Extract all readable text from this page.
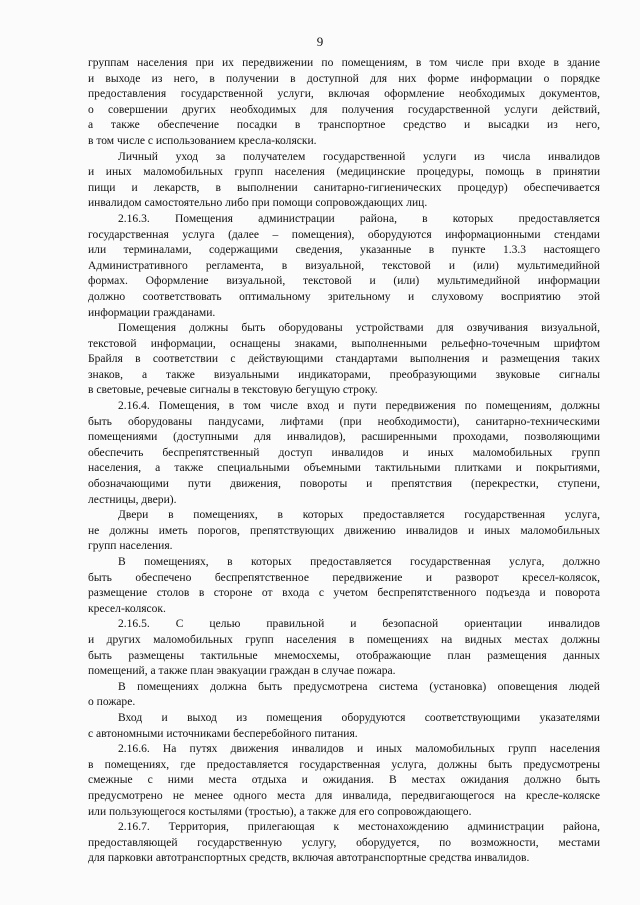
9
группам населения при их передвижении по помещениям, в том числе при входе в здание
и выходе из него, в получении в доступной для них форме информации о порядке
предоставления государственной услуги, включая оформление необходимых документов,
о совершении других необходимых для получения государственной услуги действий,
а также обеспечение посадки в транспортное средство и высадки из него,
в том числе с использованием кресла-коляски.
Личный уход за получателем государственной услуги из числа инвалидов
и иных маломобильных групп населения (медицинские процедуры, помощь в принятии
пищи и лекарств, в выполнении санитарно-гигиенических процедур) обеспечивается
инвалидом самостоятельно либо при помощи сопровождающих лиц.
2.16.3. Помещения администрации района, в которых предоставляется
государственная услуга (далее – помещения), оборудуются информационными стендами
или терминалами, содержащими сведения, указанные в пункте 1.3.3 настоящего
Административного регламента, в визуальной, текстовой и (или) мультимедийной
формах. Оформление визуальной, текстовой и (или) мультимедийной информации
должно соответствовать оптимальному зрительному и слуховому восприятию этой
информации гражданами.
Помещения должны быть оборудованы устройствами для озвучивания визуальной,
текстовой информации, оснащены знаками, выполненными рельефно-точечным шрифтом
Брайля в соответствии с действующими стандартами выполнения и размещения таких
знаков, а также визуальными индикаторами, преобразующими звуковые сигналы
в световые, речевые сигналы в текстовую бегущую строку.
2.16.4. Помещения, в том числе вход и пути передвижения по помещениям, должны
быть оборудованы пандусами, лифтами (при необходимости), санитарно-техническими
помещениями (доступными для инвалидов), расширенными проходами, позволяющими
обеспечить беспрепятственный доступ инвалидов и иных маломобильных групп
населения, а также специальными объемными тактильными плитками и покрытиями,
обозначающими пути движения, повороты и препятствия (перекрестки, ступени,
лестницы, двери).
Двери в помещениях, в которых предоставляется государственная услуга,
не должны иметь порогов, препятствующих движению инвалидов и иных маломобильных
групп населения.
В помещениях, в которых предоставляется государственная услуга, должно
быть обеспечено беспрепятственное передвижение и разворот кресел-колясок,
размещение столов в стороне от входа с учетом беспрепятственного подъезда и поворота
кресел-колясок.
2.16.5. С целью правильной и безопасной ориентации инвалидов
и других маломобильных групп населения в помещениях на видных местах должны
быть размещены тактильные мнемосхемы, отображающие план размещения данных
помещений, а также план эвакуации граждан в случае пожара.
В помещениях должна быть предусмотрена система (установка) оповещения людей
о пожаре.
Вход и выход из помещения оборудуются соответствующими указателями
с автономными источниками бесперебойного питания.
2.16.6. На путях движения инвалидов и иных маломобильных групп населения
в помещениях, где предоставляется государственная услуга, должны быть предусмотрены
смежные с ними места отдыха и ожидания. В местах ожидания должно быть
предусмотрено не менее одного места для инвалида, передвигающегося на кресле-коляске
или пользующегося костылями (тростью), а также для его сопровождающего.
2.16.7. Территория, прилегающая к местонахождению администрации района,
предоставляющей государственную услугу, оборудуется, по возможности, местами
для парковки автотранспортных средств, включая автотранспортные средства инвалидов.
